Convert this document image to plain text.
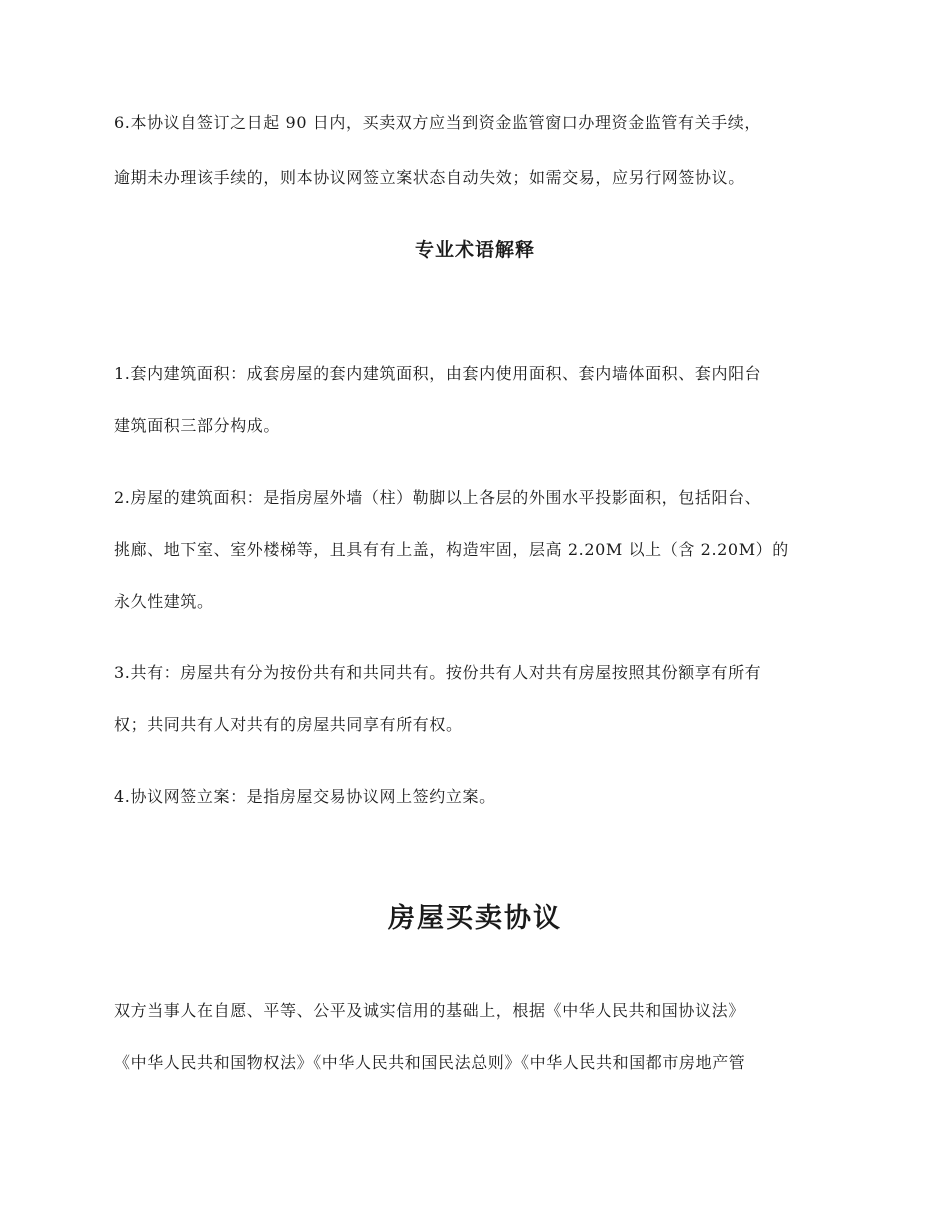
6.本协议自签订之日起 90 日内，买卖双方应当到资金监管窗口办理资金监管有关手续，
逾期未办理该手续的，则本协议网签立案状态自动失效；如需交易，应另行网签协议。
专业术语解释
1.套内建筑面积：成套房屋的套内建筑面积，由套内使用面积、套内墙体面积、套内阳台
建筑面积三部分构成。
2.房屋的建筑面积：是指房屋外墙（柱）勒脚以上各层的外围水平投影面积，包括阳台、
挑廊、地下室、室外楼梯等，且具有有上盖，构造牢固，层高 2.20M 以上（含 2.20M）的
永久性建筑。
3.共有：房屋共有分为按份共有和共同共有。按份共有人对共有房屋按照其份额享有所有
权；共同共有人对共有的房屋共同享有所有权。
4.协议网签立案：是指房屋交易协议网上签约立案。
房屋买卖协议
双方当事人在自愿、平等、公平及诚实信用的基础上，根据《中华人民共和国协议法》
《中华人民共和国物权法》《中华人民共和国民法总则》《中华人民共和国都市房地产管
